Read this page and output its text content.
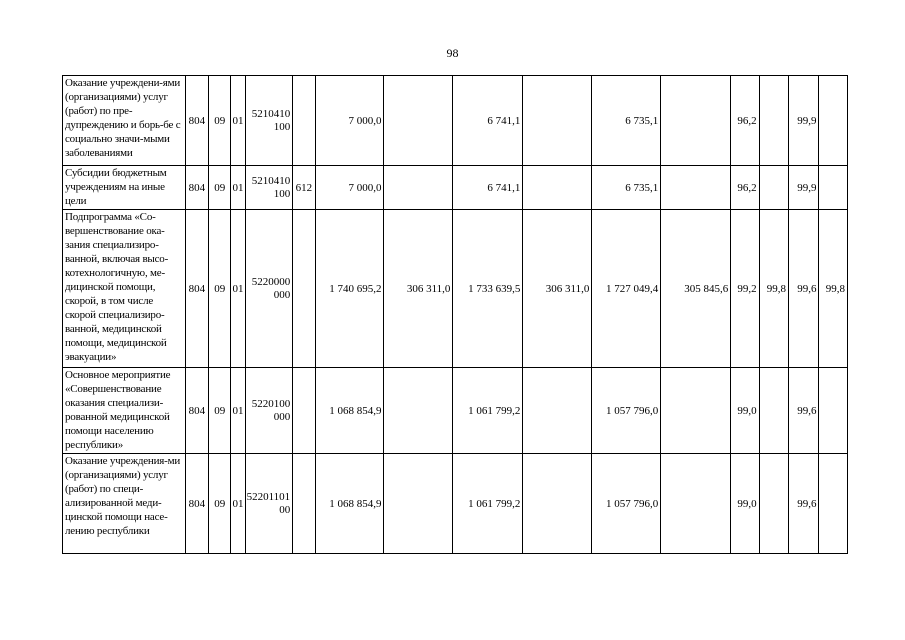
98
Оказание учреждени-ями (организациями) услуг (работ) по пре-дупреждению и борь-бе с социально значи-мыми заболеваниями	804	09	01	5210410100		7 000,0		6 741,1		6 735,1		96,2		99,9	
Субсидии бюджетным учреждениям на иные цели	804	09	01	5210410100	612	7 000,0		6 741,1		6 735,1		96,2		99,9	
Подпрограмма «Со-вершенствование ока-зания специализиро-ванной, включая высо-котехнологичную, ме-дицинской помощи, скорой, в том числе скорой специализиро-ванной, медицинской помощи, медицинской эвакуации»	804	09	01	5220000000		1 740 695,2	306 311,0	1 733 639,5	306 311,0	1 727 049,4	305 845,6	99,2	99,8	99,6	99,8
Основное мероприятие «Совершенствование оказания специализи-рованной медицинской помощи населению республики»	804	09	01	5220100000		1 068 854,9		1 061 799,2		1 057 796,0		99,0		99,6	
Оказание учреждения-ми (организациями) услуг (работ) по специ-ализированной меди-цинской помощи насе-лению республики	804	09	01	5220110100		1 068 854,9		1 061 799,2		1 057 796,0		99,0		99,6	
